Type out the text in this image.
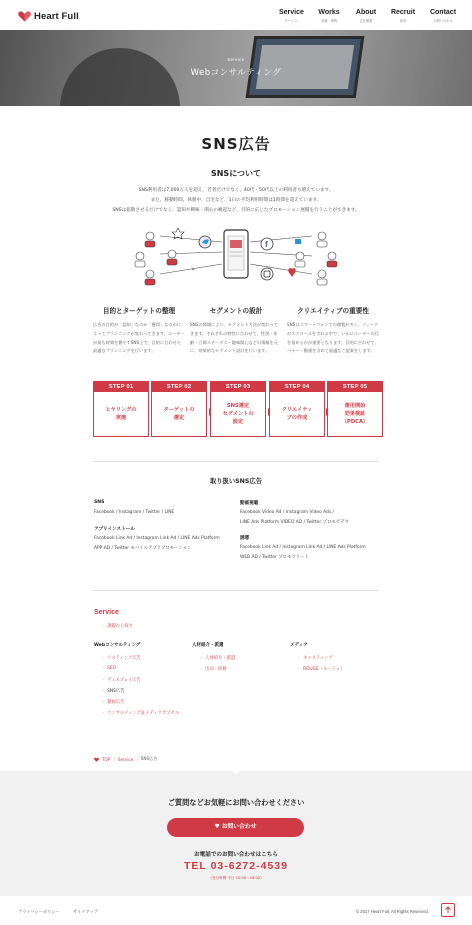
Heart Full	Service
サービス
Works
実績・事例
About
会社概要
Recruit
採用
Contact
お問い合わせ
Service
Webコンサルティング
SNS広告
SNSについて
SNS利用者は7,000万人を超え、若者だけでなく、40代・50代以上の利用者も増えています。
また、移動時間、休憩中、自宅など、1日の平均利用時間は1時間を超えています。
SNSは拡散させるだけでなく、認知や興味・関心の喚起など、目的に応じたプロモーション展開を行うことができます。
f
❞
目的とターゲットの整理	セグメントの設計	クリエイティブの重要性
広告の目的が「認知」なのか「獲得」なのかによってプランニングが変わってきます。ユーザーが最も時間を費やすSNS上で、目的に合わせた最適なプランニングを行います。
SNSの情報により、セグメント方法が変わってきます。それぞれの特性に合わせて、性別・年齢・立場ステータス・趣味関心などの情報を元に、効果的なセグメント設計を行います。
SNSはスマートフォンでの閲覧が多く、フィードがスクロールをされる中で、いかにユーザーの目を留めるかが重要となります。目的に合わせて、バナー・動画を含めて最適なご提案をします。
STEP 01
ヒヤリングの
実施
STEP 02
ターゲットの
選定
STEP 03
SNS選定
セグメントの
設定
STEP 04
クリエイティ
ブの作成
STEP 05
運用開始
効果検証
（PDCA）
取り扱いSNS広告
SNS
Facebook / Instagram / Twitter / LINE
アプリインストール
Facebook Link Ad / Instagram Link Ad / LINE Ads Platform
APP AD / Twitter モバイルアプリプロモーション
動画視聴
Facebook Video Ad / Instagram Video Ads /
LINE Ads Platform VIDEO AD / Twitter プロモビデオ
誘導
Facebook Link Ad / Instagram Link Ad / LINE Ads Platform
WEB AD / Twitter プロモツイート
Service
– 課題から探す
Webコンサルティング
– リスティング広告
– SEO
– ディスプレイ広告
– SNS広告
– 動画広告
– コンサルティング＆メディアカプセル
人材紹介・派遣
– 人材紹介・派遣
– 出向・研修
メディア
– キャスティング
– ROUGE（ルージュ）
TOP / Service / SNS広告
ご質問などお気軽にお問い合わせください
♥ お問い合わせ
お電話でのお問い合わせはこちら
TEL 03-6272-4539
（受付時間 平日 10:00～18:00）
プライバシーポリシー	サイトマップ	© 2017 Heart Full. All Rights Reserved.
